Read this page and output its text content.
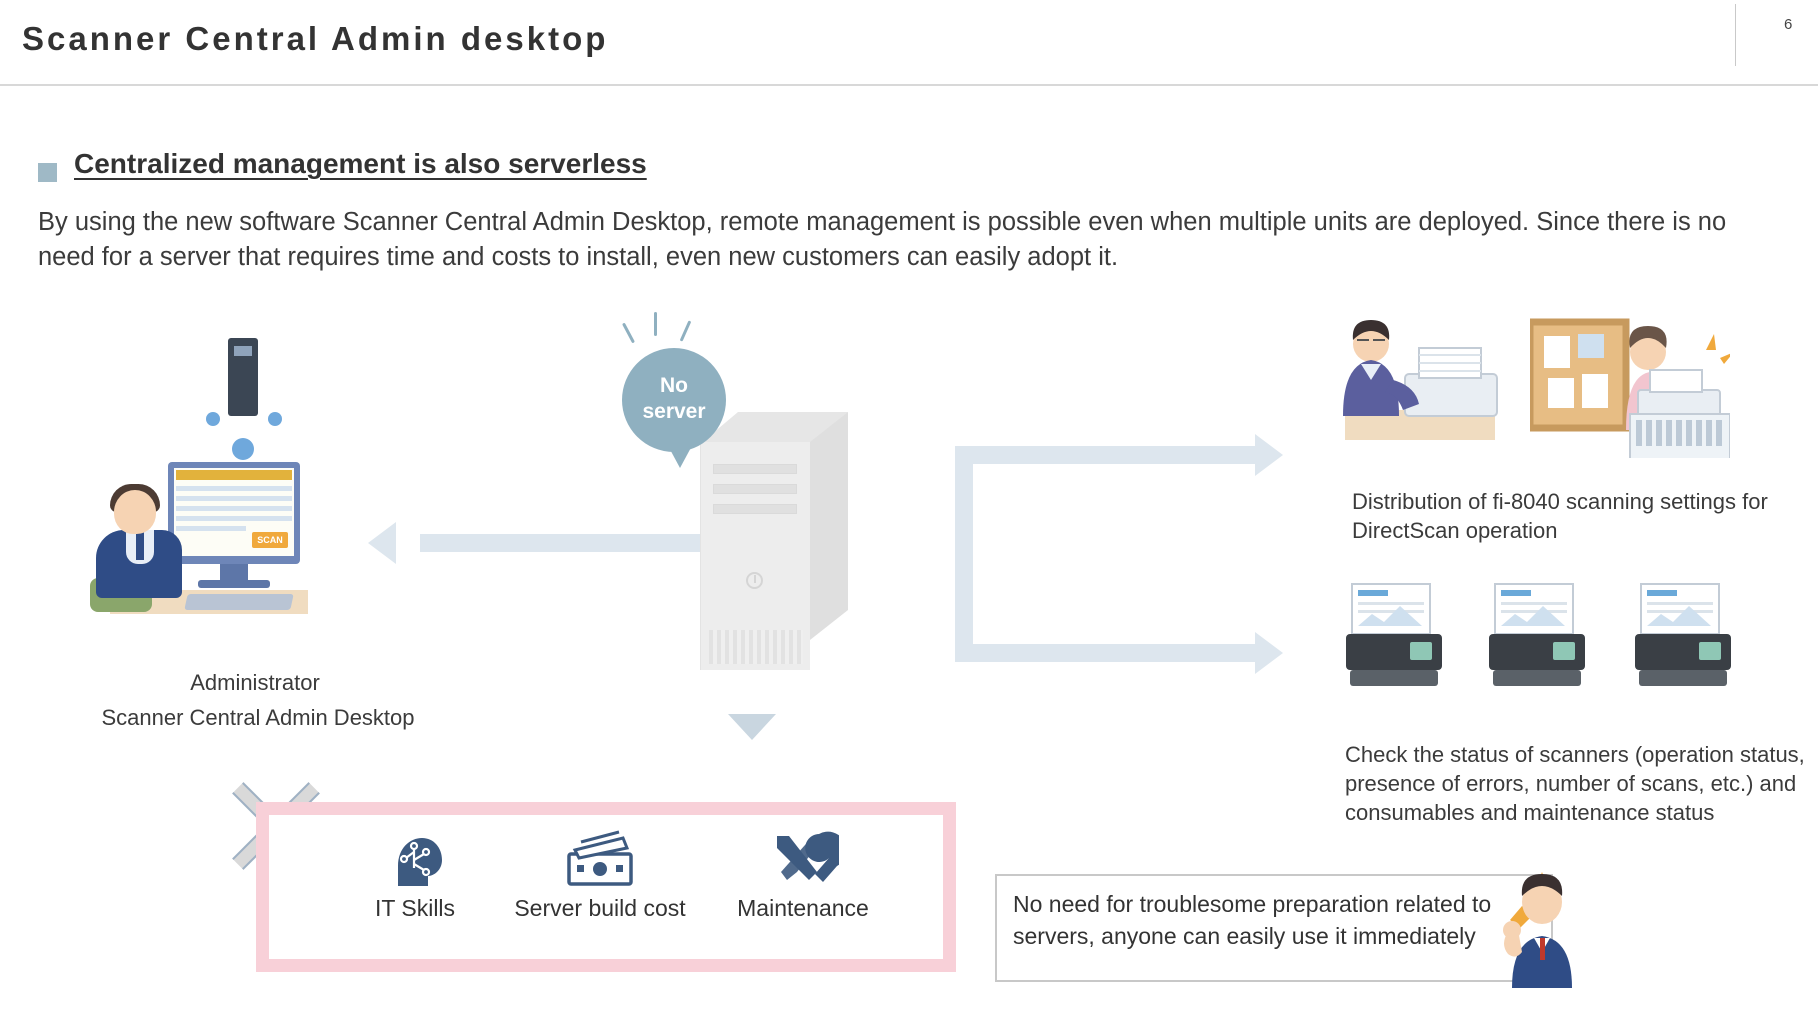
Scanner Central Admin desktop	6
Centralized management is also serverless
By using the new software Scanner Central Admin Desktop, remote management is possible even when multiple units are deployed. Since there is no need for a server that requires time and costs to install, even new customers can easily adopt it.
No
server
SCAN
Administrator
Scanner Central Admin Desktop
IT Skills	Server build cost	Maintenance	No need for troublesome preparation related to servers, anyone can easily use it immediately
Distribution of fi-8040 scanning settings for DirectScan operation
Check the status of scanners (operation status, presence of errors, number of scans, etc.) and consumables and maintenance status
